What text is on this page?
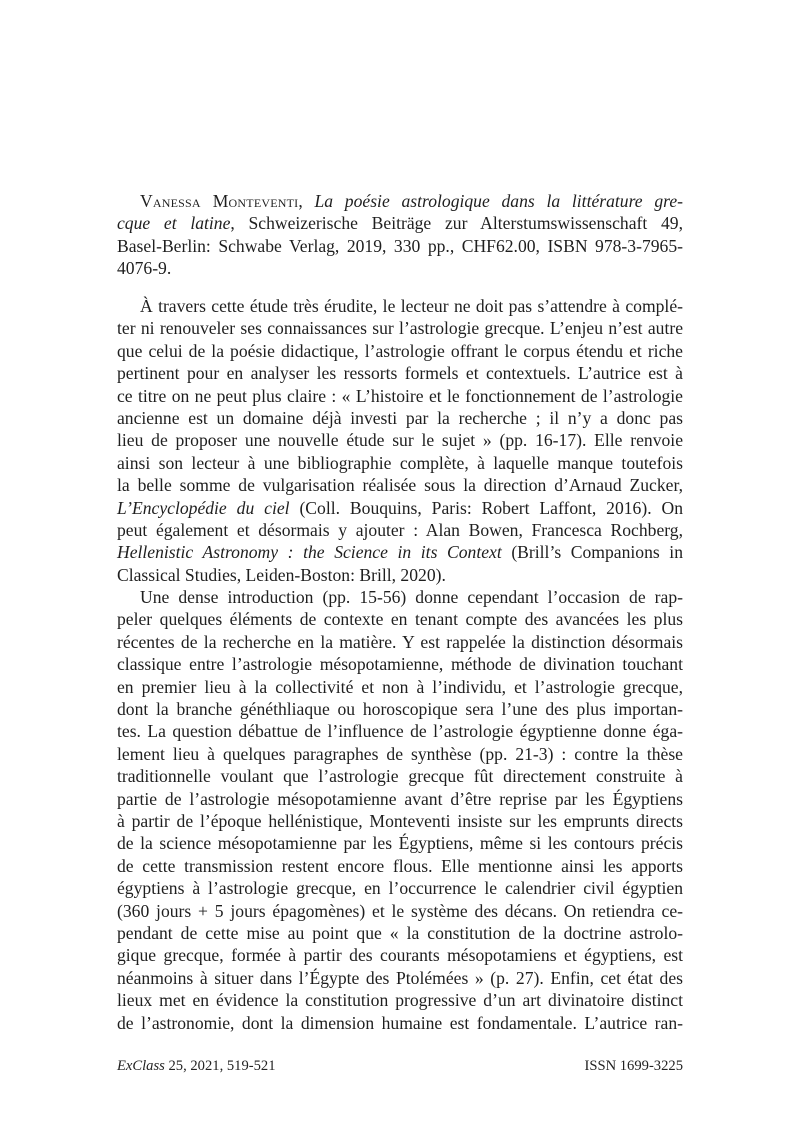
Vanessa Monteventi, La poésie astrologique dans la littérature gre-
cque et latine, Schweizerische Beiträge zur Alterstumswissenschaft 49,
Basel-Berlin: Schwabe Verlag, 2019, 330 pp., CHF62.00, ISBN 978-3-7965-
4076-9.
À travers cette étude très érudite, le lecteur ne doit pas s’attendre à complé-
ter ni renouveler ses connaissances sur l’astrologie grecque. L’enjeu n’est autre
que celui de la poésie didactique, l’astrologie offrant le corpus étendu et riche
pertinent pour en analyser les ressorts formels et contextuels. L’autrice est à
ce titre on ne peut plus claire : « L’histoire et le fonctionnement de l’astrologie
ancienne est un domaine déjà investi par la recherche ; il n’y a donc pas
lieu de proposer une nouvelle étude sur le sujet » (pp. 16-17). Elle renvoie
ainsi son lecteur à une bibliographie complète, à laquelle manque toutefois
la belle somme de vulgarisation réalisée sous la direction d’Arnaud Zucker,
L’Encyclopédie du ciel (Coll. Bouquins, Paris: Robert Laffont, 2016). On
peut également et désormais y ajouter : Alan Bowen, Francesca Rochberg,
Hellenistic Astronomy : the Science in its Context (Brill’s Companions in
Classical Studies, Leiden-Boston: Brill, 2020).
Une dense introduction (pp. 15-56) donne cependant l’occasion de rap-
peler quelques éléments de contexte en tenant compte des avancées les plus
récentes de la recherche en la matière. Y est rappelée la distinction désormais
classique entre l’astrologie mésopotamienne, méthode de divination touchant
en premier lieu à la collectivité et non à l’individu, et l’astrologie grecque,
dont la branche généthliaque ou horoscopique sera l’une des plus importan-
tes. La question débattue de l’influence de l’astrologie égyptienne donne éga-
lement lieu à quelques paragraphes de synthèse (pp. 21-3) : contre la thèse
traditionnelle voulant que l’astrologie grecque fût directement construite à
partie de l’astrologie mésopotamienne avant d’être reprise par les Égyptiens
à partir de l’époque hellénistique, Monteventi insiste sur les emprunts directs
de la science mésopotamienne par les Égyptiens, même si les contours précis
de cette transmission restent encore flous. Elle mentionne ainsi les apports
égyptiens à l’astrologie grecque, en l’occurrence le calendrier civil égyptien
(360 jours + 5 jours épagomènes) et le système des décans. On retiendra ce-
pendant de cette mise au point que « la constitution de la doctrine astrolo-
gique grecque, formée à partir des courants mésopotamiens et égyptiens, est
néanmoins à situer dans l’Égypte des Ptolémées » (p. 27). Enfin, cet état des
lieux met en évidence la constitution progressive d’un art divinatoire distinct
de l’astronomie, dont la dimension humaine est fondamentale. L’autrice ran-
ExClass 25, 2021, 519-521	ISSN 1699-3225
